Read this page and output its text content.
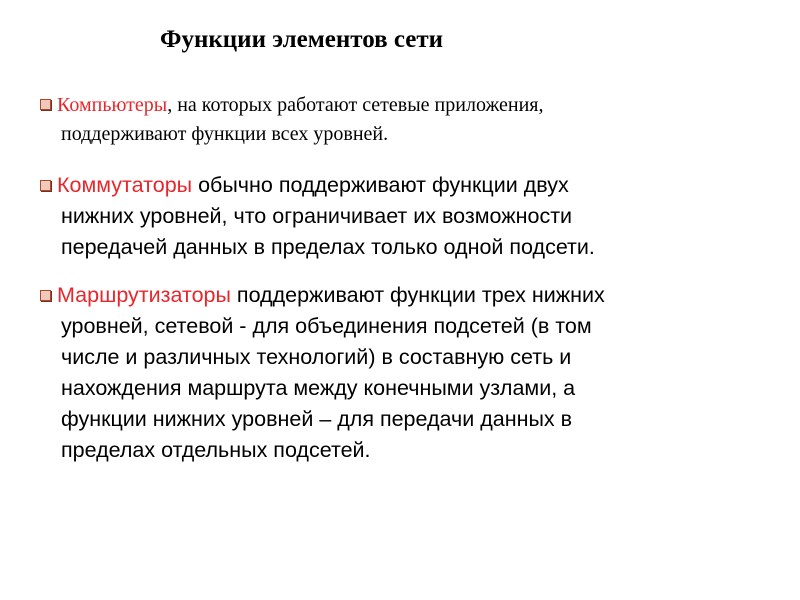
Функции элементов сети
Компьютеры, на которых работают сетевые приложения,
поддерживают функции всех уровней.
Коммутаторы обычно поддерживают функции двух
нижних уровней, что ограничивает их возможности
передачей данных в пределах только одной подсети.
Маршрутизаторы поддерживают функции трех нижних
уровней, сетевой - для объединения подсетей (в том
числе и различных технологий) в составную сеть и
нахождения маршрута между конечными узлами, а
функции нижних уровней – для передачи данных в
пределах отдельных подсетей.
